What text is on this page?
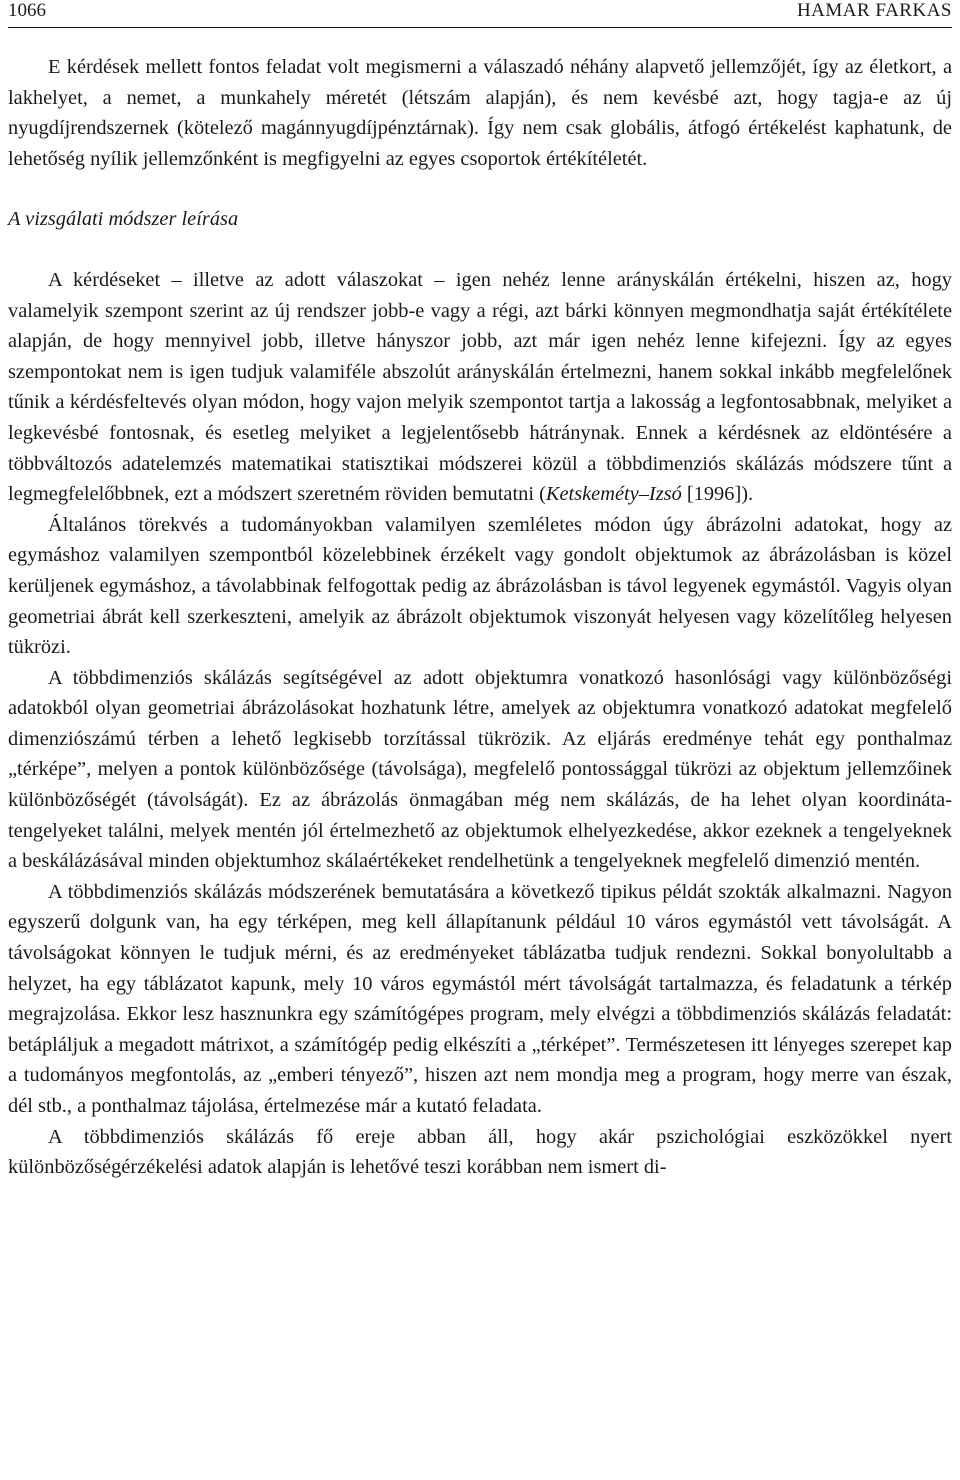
1066	HAMAR FARKAS

E kérdések mellett fontos feladat volt megismerni a válaszadó néhány alapvető jellemzőjét, így az életkort, a lakhelyet, a nemet, a munkahely méretét (létszám alapján), és nem kevésbé azt, hogy tagja-e az új nyugdíjrendszernek (kötelező magánnyugdíjpénztárnak). Így nem csak globális, átfogó értékelést kaphatunk, de lehetőség nyílik jellemzőnként is megfigyelni az egyes csoportok értékítéletét.

A vizsgálati módszer leírása

A kérdéseket – illetve az adott válaszokat – igen nehéz lenne arányskálán értékelni, hiszen az, hogy valamelyik szempont szerint az új rendszer jobb-e vagy a régi, azt bárki könnyen megmondhatja saját értékítélete alapján, de hogy mennyivel jobb, illetve hányszor jobb, azt már igen nehéz lenne kifejezni. Így az egyes szempontokat nem is igen tudjuk valamiféle abszolút arányskálán értelmezni, hanem sokkal inkább megfelelőnek tűnik a kérdésfeltevés olyan módon, hogy vajon melyik szempontot tartja a lakosság a legfontosabbnak, melyiket a legkevésbé fontosnak, és esetleg melyiket a legjelentősebb hátránynak. Ennek a kérdésnek az eldöntésére a többváltozós adatelemzés matematikai statisztikai módszerei közül a többdimenziós skálázás módszere tűnt a legmegfelelőbbnek, ezt a módszert szeretném röviden bemutatni (Ketskeméty–Izsó [1996]).

Általános törekvés a tudományokban valamilyen szemléletes módon úgy ábrázolni adatokat, hogy az egymáshoz valamilyen szempontból közelebbinek érzékelt vagy gondolt objektumok az ábrázolásban is közel kerüljenek egymáshoz, a távolabbinak felfogottak pedig az ábrázolásban is távol legyenek egymástól. Vagyis olyan geometriai ábrát kell szerkeszteni, amelyik az ábrázolt objektumok viszonyát helyesen vagy közelítőleg helyesen tükrözi.

A többdimenziós skálázás segítségével az adott objektumra vonatkozó hasonlósági vagy különbözőségi adatokból olyan geometriai ábrázolásokat hozhatunk létre, amelyek az objektumra vonatkozó adatokat megfelelő dimenziószámú térben a lehető legkisebb torzítással tükrözik. Az eljárás eredménye tehát egy ponthalmaz „térképe”, melyen a pontok különbözősége (távolsága), megfelelő pontossággal tükrözi az objektum jellemzőinek különbözőségét (távolságát). Ez az ábrázolás önmagában még nem skálázás, de ha lehet olyan koordináta-tengelyeket találni, melyek mentén jól értelmezhető az objektumok elhelyezkedése, akkor ezeknek a tengelyeknek a beskálázásával minden objektumhoz skálaértékeket rendelhetünk a tengelyeknek megfelelő dimenzió mentén.

A többdimenziós skálázás módszerének bemutatására a következő tipikus példát szokták alkalmazni. Nagyon egyszerű dolgunk van, ha egy térképen, meg kell állapítanunk például 10 város egymástól vett távolságát. A távolságokat könnyen le tudjuk mérni, és az eredményeket táblázatba tudjuk rendezni. Sokkal bonyolultabb a helyzet, ha egy táblázatot kapunk, mely 10 város egymástól mért távolságát tartalmazza, és feladatunk a térkép megrajzolása. Ekkor lesz hasznunkra egy számítógépes program, mely elvégzi a többdimenziós skálázás feladatát: betápláljuk a megadott mátrixot, a számítógép pedig elkészíti a „térképet”. Természetesen itt lényeges szerepet kap a tudományos megfontolás, az „emberi tényező”, hiszen azt nem mondja meg a program, hogy merre van észak, dél stb., a ponthalmaz tájolása, értelmezése már a kutató feladata.

A többdimenziós skálázás fő ereje abban áll, hogy akár pszichológiai eszközökkel nyert különbözőségérzékelési adatok alapján is lehetővé teszi korábban nem ismert di-
